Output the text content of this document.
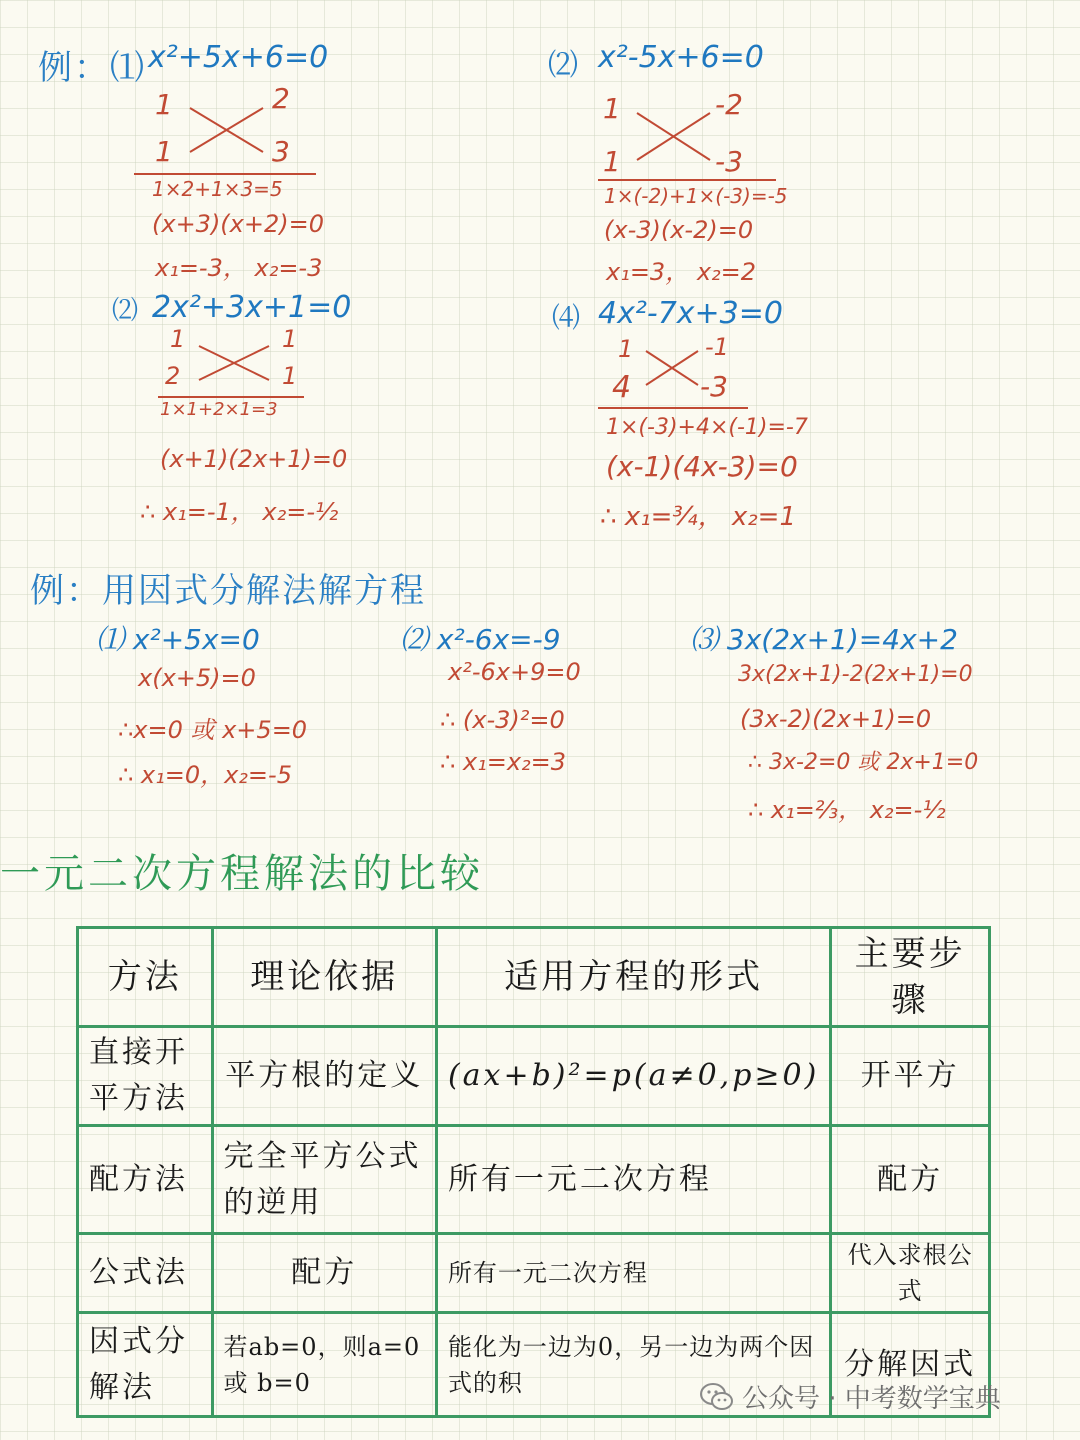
例：⑴ x²+5x+6=0
1	2
1	3
1×2+1×3=5
(x+3)(x+2)=0
x₁=-3， x₂=-3
⑵ x²-5x+6=0
1	-2
1	-3
1×(-2)+1×(-3)=-5
(x-3)(x-2)=0
x₁=3， x₂=2
⑵ 2x²+3x+1=0
1	1
2	1
1×1+2×1=3
(x+1)(2x+1)=0
∴ x₁=-1， x₂=-½
⑷ 4x²-7x+3=0
1	-1
4 -3
1×(-3)+4×(-1)=-7
(x-1)(4x-3)=0
∴ x₁=¾， x₂=1
例：用因式分解法解方程
⑴ x²+5x=0
x(x+5)=0
∴x=0 或 x+5=0
∴ x₁=0，x₂=-5
⑵ x²-6x=-9
x²-6x+9=0
∴ (x-3)²=0
∴ x₁=x₂=3
⑶ 3x(2x+1)=4x+2
3x(2x+1)-2(2x+1)=0
(3x-2)(2x+1)=0
∴ 3x-2=0 或 2x+1=0
∴ x₁=⅔， x₂=-½
一元二次方程解法的比较
方法	理论依据	适用方程的形式	主要步骤
直接开平方法	平方根的定义	(ax+b)²=p(a≠0,p≥0)	开平方
配方法	完全平方公式的逆用	所有一元二次方程	配方
公式法	配方	所有一元二次方程	代入求根公式
因式分解法	若ab=0，则a=0 或 b=0	能化为一边为0，另一边为两个因式的积	分解因式
公众号 · 中考数学宝典
